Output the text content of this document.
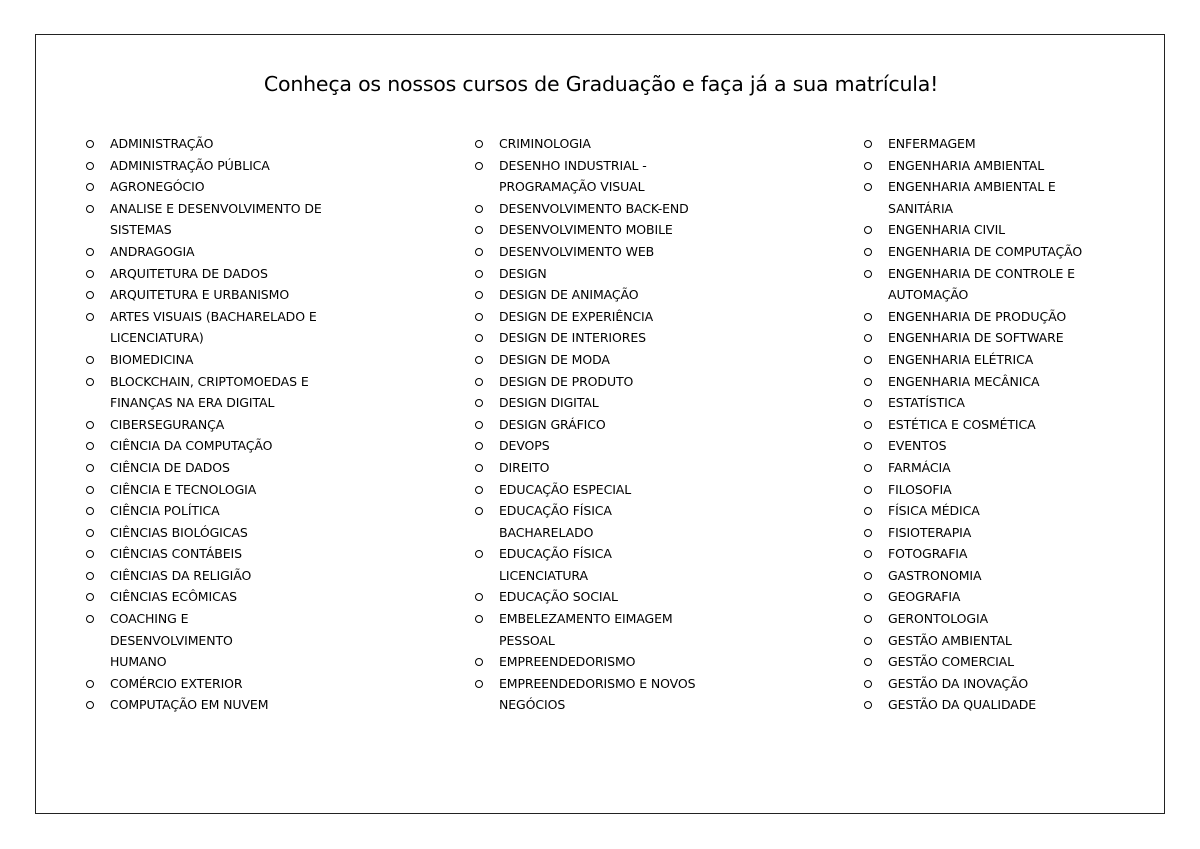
Conheça os nossos cursos de Graduação e faça já a sua matrícula!
ADMINISTRAÇÃO
ADMINISTRAÇÃO PÚBLICA
AGRONEGÓCIO
ANALISE E DESENVOLVIMENTO DE
SISTEMAS
ANDRAGOGIA
ARQUITETURA DE DADOS
ARQUITETURA E URBANISMO
ARTES VISUAIS (BACHARELADO E
LICENCIATURA)
BIOMEDICINA
BLOCKCHAIN, CRIPTOMOEDAS E
FINANÇAS NA ERA DIGITAL
CIBERSEGURANÇA
CIÊNCIA DA COMPUTAÇÃO
CIÊNCIA DE DADOS
CIÊNCIA E TECNOLOGIA
CIÊNCIA POLÍTICA
CIÊNCIAS BIOLÓGICAS
CIÊNCIAS CONTÁBEIS
CIÊNCIAS DA RELIGIÃO
CIÊNCIAS ECÔMICAS
COACHING E
DESENVOLVIMENTO
HUMANO
COMÉRCIO EXTERIOR
COMPUTAÇÃO EM NUVEM
CRIMINOLOGIA
DESENHO INDUSTRIAL -
PROGRAMAÇÃO VISUAL
DESENVOLVIMENTO BACK-END
DESENVOLVIMENTO MOBILE
DESENVOLVIMENTO WEB
DESIGN
DESIGN DE ANIMAÇÃO
DESIGN DE EXPERIÊNCIA
DESIGN DE INTERIORES
DESIGN DE MODA
DESIGN DE PRODUTO
DESIGN DIGITAL
DESIGN GRÁFICO
DEVOPS
DIREITO
EDUCAÇÃO ESPECIAL
EDUCAÇÃO FÍSICA
BACHARELADO
EDUCAÇÃO FÍSICA
LICENCIATURA
EDUCAÇÃO SOCIAL
EMBELEZAMENTO EIMAGEM
PESSOAL
EMPREENDEDORISMO
EMPREENDEDORISMO E NOVOS
NEGÓCIOS
ENFERMAGEM
ENGENHARIA AMBIENTAL
ENGENHARIA AMBIENTAL E
SANITÁRIA
ENGENHARIA CIVIL
ENGENHARIA DE COMPUTAÇÃO
ENGENHARIA DE CONTROLE E
AUTOMAÇÃO
ENGENHARIA DE PRODUÇÃO
ENGENHARIA DE SOFTWARE
ENGENHARIA ELÉTRICA
ENGENHARIA MECÂNICA
ESTATÍSTICA
ESTÉTICA E COSMÉTICA
EVENTOS
FARMÁCIA
FILOSOFIA
FÍSICA MÉDICA
FISIOTERAPIA
FOTOGRAFIA
GASTRONOMIA
GEOGRAFIA
GERONTOLOGIA
GESTÃO AMBIENTAL
GESTÃO COMERCIAL
GESTÃO DA INOVAÇÃO
GESTÃO DA QUALIDADE
